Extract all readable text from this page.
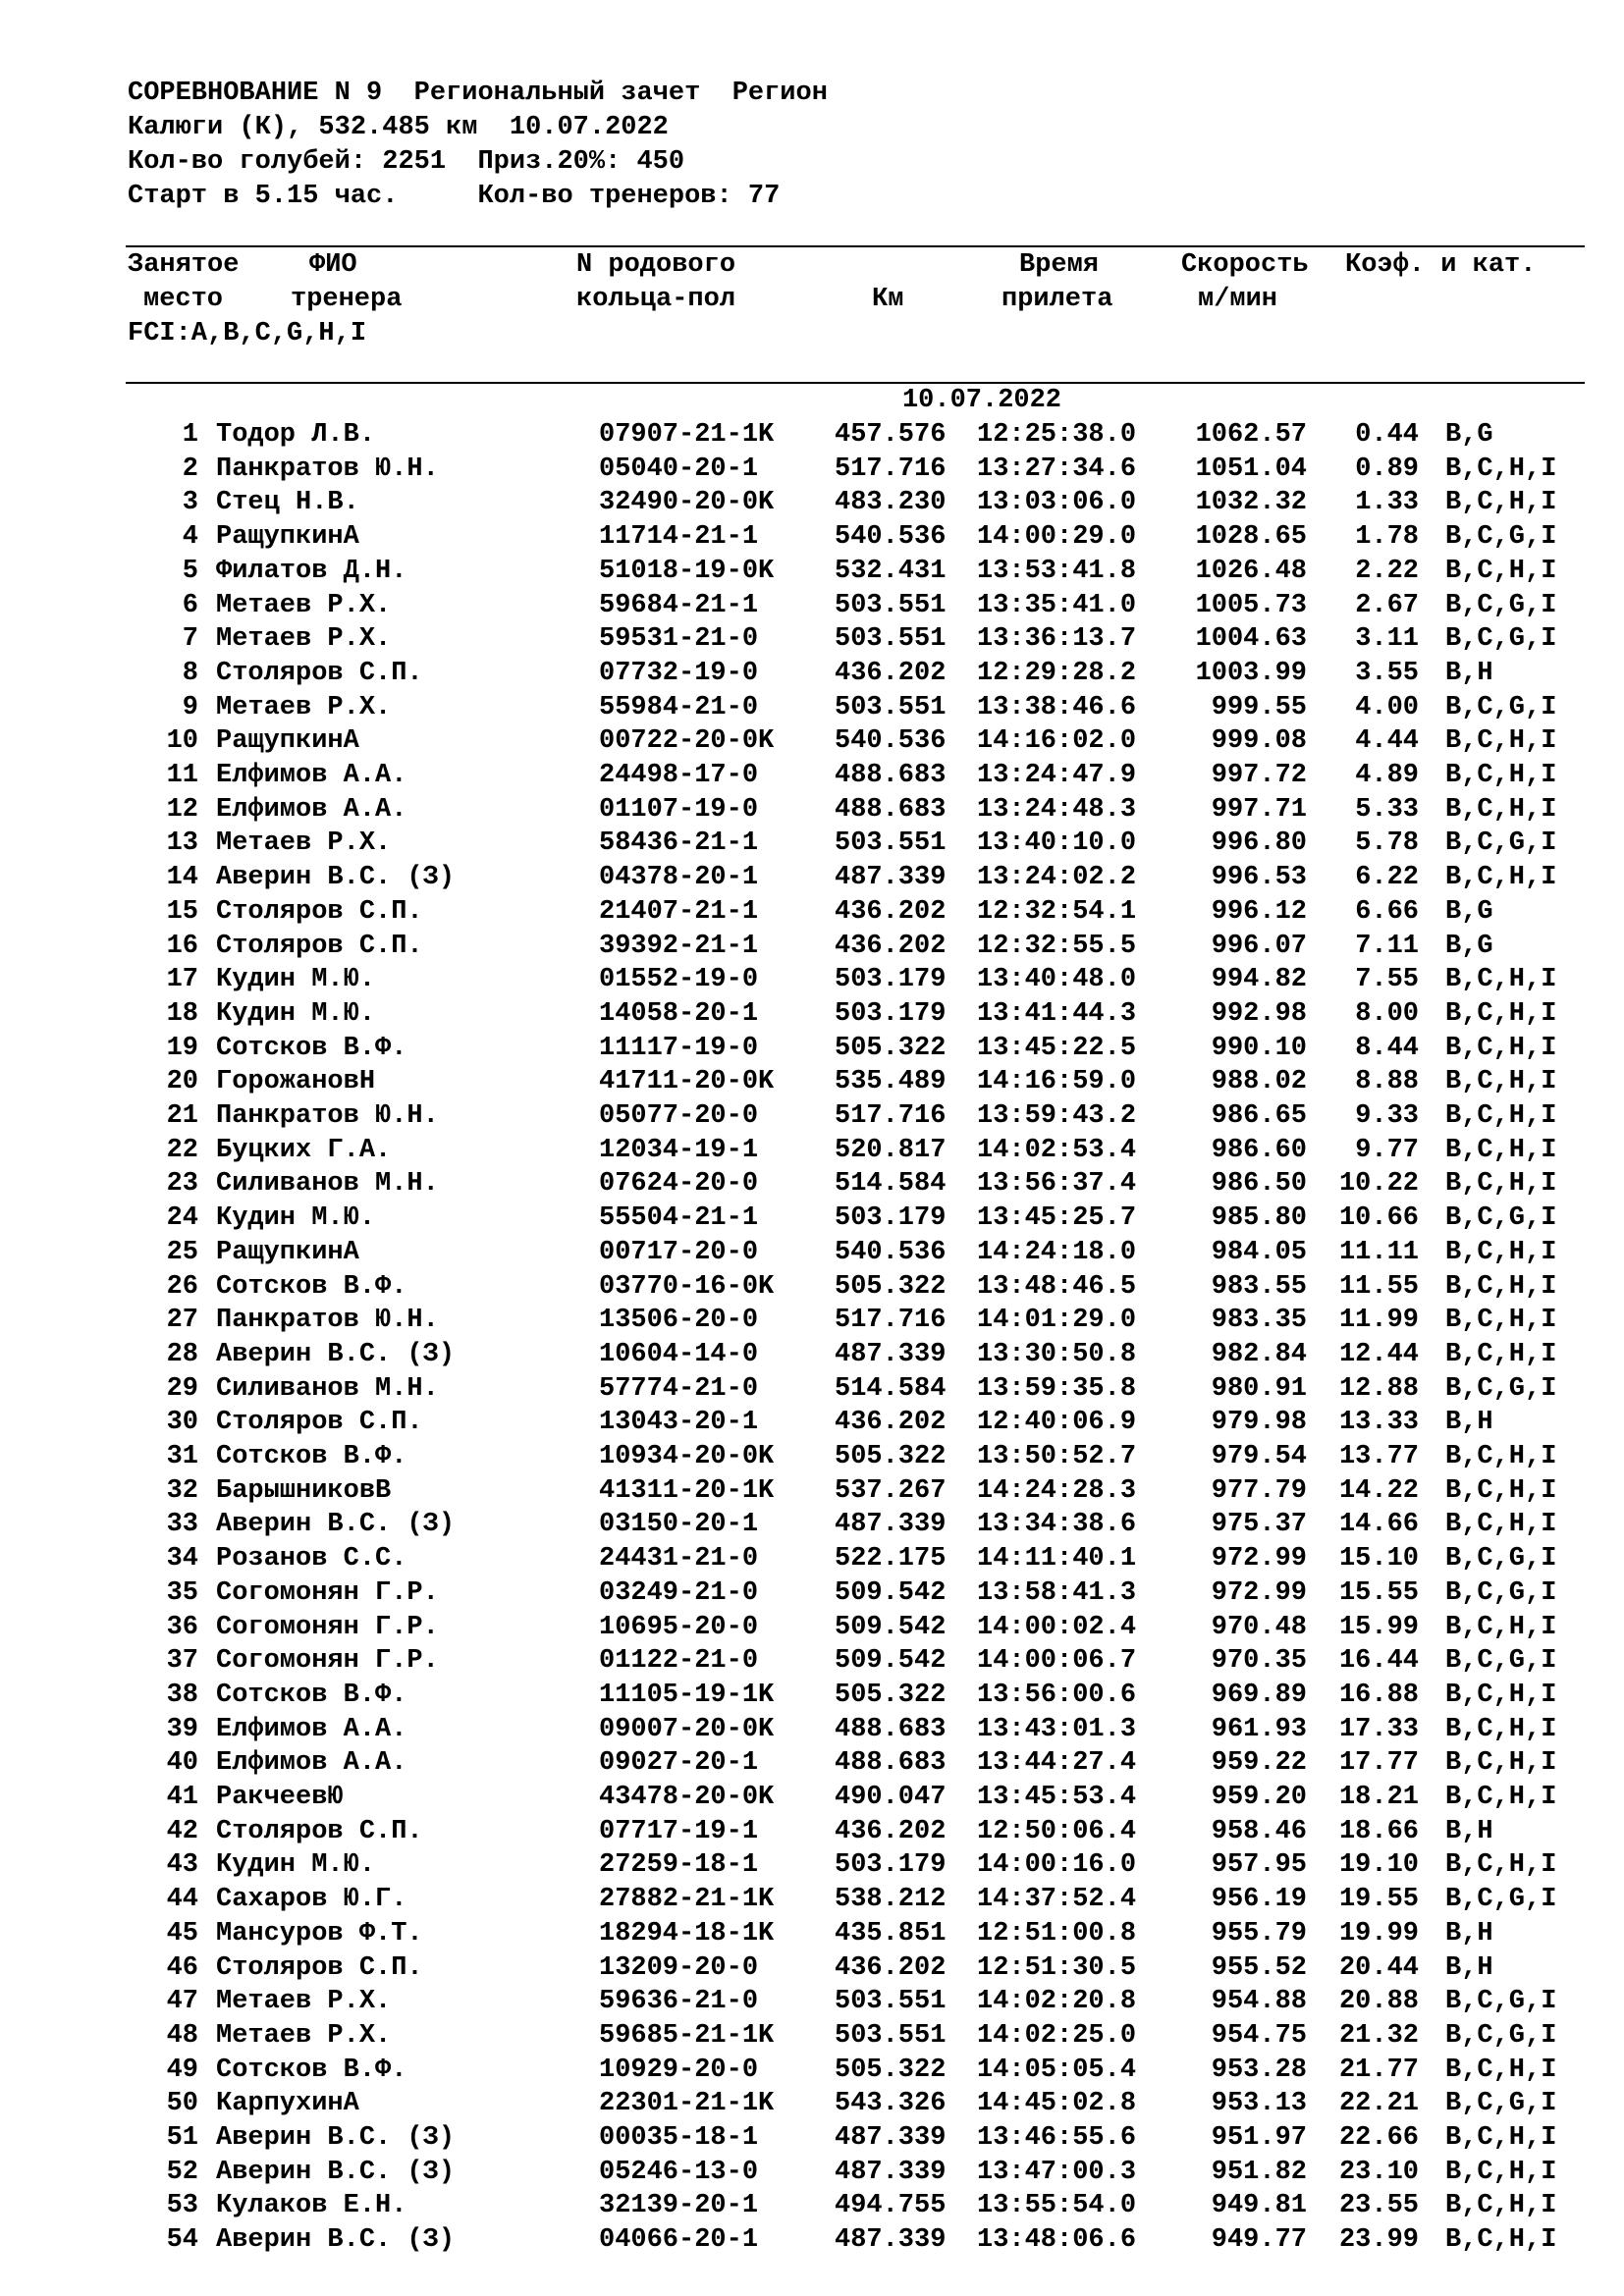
СОРЕВНОВАНИЕ N 9  Региональный зачет  Регион
Калюги (К), 532.485 км  10.07.2022
Кол-во голубей: 2251  Приз.20%: 450
Старт в 5.15 час.     Кол-во тренеров: 77
Занятое	ФИО	N родового	Время	Скорость Коэф. и кат.
место	тренера	кольца-пол	Км	прилета	м/мин
FCI:A,B,C,G,H,I
10.07.2022
1 Тодор Л.В.	07907-21-1K 457.576 12:25:38.0	1062.57	0.44 B,G
2 Панкратов Ю.Н.	05040-20-1	517.716 13:27:34.6	1051.04	0.89 B,C,H,I
3 Стец Н.В.	32490-20-0K 483.230 13:03:06.0	1032.32	1.33 B,C,H,I
4 РащупкинА	11714-21-1	540.536 14:00:29.0	1028.65	1.78 B,C,G,I
5 Филатов Д.Н.	51018-19-0K 532.431 13:53:41.8	1026.48	2.22 B,C,H,I
6 Метаев Р.Х.	59684-21-1	503.551 13:35:41.0	1005.73	2.67 B,C,G,I
7 Метаев Р.Х.	59531-21-0	503.551 13:36:13.7	1004.63	3.11 B,C,G,I
8 Столяров С.П.	07732-19-0	436.202 12:29:28.2	1003.99	3.55 B,H
9 Метаев Р.Х.	55984-21-0	503.551 13:38:46.6	999.55	4.00 B,C,G,I
10 РащупкинА	00722-20-0K 540.536 14:16:02.0	999.08	4.44 B,C,H,I
11 Елфимов А.А.	24498-17-0	488.683 13:24:47.9	997.72	4.89 B,C,H,I
12 Елфимов А.А.	01107-19-0	488.683 13:24:48.3	997.71	5.33 B,C,H,I
13 Метаев Р.Х.	58436-21-1	503.551 13:40:10.0	996.80	5.78 B,C,G,I
14 Аверин В.С. (З)	04378-20-1	487.339 13:24:02.2	996.53	6.22 B,C,H,I
15 Столяров С.П.	21407-21-1	436.202 12:32:54.1	996.12	6.66 B,G
16 Столяров С.П.	39392-21-1	436.202 12:32:55.5	996.07	7.11 B,G
17 Кудин М.Ю.	01552-19-0	503.179 13:40:48.0	994.82	7.55 B,C,H,I
18 Кудин М.Ю.	14058-20-1	503.179 13:41:44.3	992.98	8.00 B,C,H,I
19 Сотсков В.Ф.	11117-19-0	505.322 13:45:22.5	990.10	8.44 B,C,H,I
20 ГорожановН	41711-20-0K 535.489 14:16:59.0	988.02	8.88 B,C,H,I
21 Панкратов Ю.Н.	05077-20-0	517.716 13:59:43.2	986.65	9.33 B,C,H,I
22 Буцких Г.А.	12034-19-1	520.817 14:02:53.4	986.60	9.77 B,C,H,I
23 Силиванов М.Н.	07624-20-0	514.584 13:56:37.4	986.50 10.22 B,C,H,I
24 Кудин М.Ю.	55504-21-1	503.179 13:45:25.7	985.80 10.66 B,C,G,I
25 РащупкинА	00717-20-0	540.536 14:24:18.0	984.05 11.11 B,C,H,I
26 Сотсков В.Ф.	03770-16-0K 505.322 13:48:46.5	983.55 11.55 B,C,H,I
27 Панкратов Ю.Н.	13506-20-0	517.716 14:01:29.0	983.35 11.99 B,C,H,I
28 Аверин В.С. (З)	10604-14-0	487.339 13:30:50.8	982.84 12.44 B,C,H,I
29 Силиванов М.Н.	57774-21-0	514.584 13:59:35.8	980.91 12.88 B,C,G,I
30 Столяров С.П.	13043-20-1	436.202 12:40:06.9	979.98 13.33 B,H
31 Сотсков В.Ф.	10934-20-0K 505.322 13:50:52.7	979.54 13.77 B,C,H,I
32 БарышниковВ	41311-20-1K 537.267 14:24:28.3	977.79 14.22 B,C,H,I
33 Аверин В.С. (З)	03150-20-1	487.339 13:34:38.6	975.37 14.66 B,C,H,I
34 Розанов С.С.	24431-21-0	522.175 14:11:40.1	972.99 15.10 B,C,G,I
35 Согомонян Г.Р.	03249-21-0	509.542 13:58:41.3	972.99 15.55 B,C,G,I
36 Согомонян Г.Р.	10695-20-0	509.542 14:00:02.4	970.48 15.99 B,C,H,I
37 Согомонян Г.Р.	01122-21-0	509.542 14:00:06.7	970.35 16.44 B,C,G,I
38 Сотсков В.Ф.	11105-19-1K 505.322 13:56:00.6	969.89 16.88 B,C,H,I
39 Елфимов А.А.	09007-20-0K 488.683 13:43:01.3	961.93 17.33 B,C,H,I
40 Елфимов А.А.	09027-20-1	488.683 13:44:27.4	959.22 17.77 B,C,H,I
41 РакчеевЮ	43478-20-0K 490.047 13:45:53.4	959.20 18.21 B,C,H,I
42 Столяров С.П.	07717-19-1	436.202 12:50:06.4	958.46 18.66 B,H
43 Кудин М.Ю.	27259-18-1	503.179 14:00:16.0	957.95 19.10 B,C,H,I
44 Сахаров Ю.Г.	27882-21-1K 538.212 14:37:52.4	956.19 19.55 B,C,G,I
45 Мансуров Ф.Т.	18294-18-1K 435.851 12:51:00.8	955.79 19.99 B,H
46 Столяров С.П.	13209-20-0	436.202 12:51:30.5	955.52 20.44 B,H
47 Метаев Р.Х.	59636-21-0	503.551 14:02:20.8	954.88 20.88 B,C,G,I
48 Метаев Р.Х.	59685-21-1K 503.551 14:02:25.0	954.75 21.32 B,C,G,I
49 Сотсков В.Ф.	10929-20-0	505.322 14:05:05.4	953.28 21.77 B,C,H,I
50 КарпухинА	22301-21-1K 543.326 14:45:02.8	953.13 22.21 B,C,G,I
51 Аверин В.С. (З)	00035-18-1	487.339 13:46:55.6	951.97 22.66 B,C,H,I
52 Аверин В.С. (З)	05246-13-0	487.339 13:47:00.3	951.82 23.10 B,C,H,I
53 Кулаков Е.Н.	32139-20-1	494.755 13:55:54.0	949.81 23.55 B,C,H,I
54 Аверин В.С. (З)	04066-20-1	487.339 13:48:06.6	949.77 23.99 B,C,H,I
